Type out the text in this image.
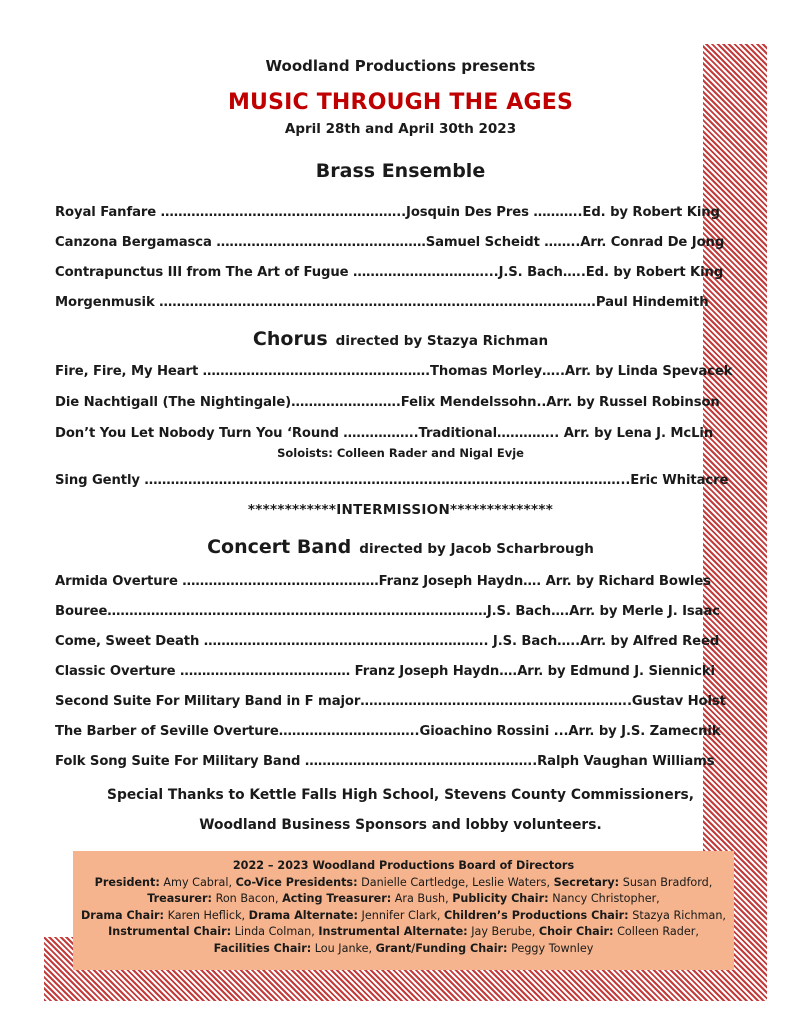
Woodland Productions presents
MUSIC THROUGH THE AGES
April 28th and April 30th 2023
Brass Ensemble
Royal Fanfare ………………………………………………..Josquin Des Pres ………..Ed. by Robert King
Canzona Bergamasca …………………………………………Samuel Scheidt ……..Arr. Conrad De Jong
Contrapunctus III from The Art of Fugue …………………………...J.S. Bach…..Ed. by Robert King
Morgenmusik ……………………………………………………………………………………….Paul Hindemith
Chorus directed by Stazya Richman
Fire, Fire, My Heart …………………………………………….Thomas Morley…..Arr. by Linda Spevacek
Die Nachtigall (The Nightingale)…………………….Felix Mendelssohn..Arr. by Russel Robinson
Don’t You Let Nobody Turn You ‘Round ……………..Traditional………….. Arr. by Lena J. McLin
Soloists: Colleen Rader and Nigal Evje
Sing Gently ………………………………………………………………………………………………...Eric Whitacre
************INTERMISSION**************
Concert Band directed by Jacob Scharbrough
Armida Overture ………………………………………Franz Joseph Haydn…. Arr. by Richard Bowles
Bouree……………………………………………………………………………J.S. Bach….Arr. by Merle J. Isaac
Come, Sweet Death ……………………………………………………….. J.S. Bach…..Arr. by Alfred Reed
Classic Overture ………………………………… Franz Joseph Haydn….Arr. by Edmund J. Siennicki
Second Suite For Military Band in F major……………………………………………………..Gustav Holst
The Barber of Seville Overture…………………………..Gioachino Rossini ...Arr. by J.S. Zamecnik
Folk Song Suite For Military Band ……………………………………………..Ralph Vaughan Williams
Special Thanks to Kettle Falls High School, Stevens County Commissioners,
Woodland Business Sponsors and lobby volunteers.
2022 – 2023 Woodland Productions Board of Directors
President: Amy Cabral, Co-Vice Presidents: Danielle Cartledge, Leslie Waters, Secretary: Susan Bradford,
Treasurer: Ron Bacon, Acting Treasurer: Ara Bush, Publicity Chair: Nancy Christopher,
Drama Chair: Karen Heflick, Drama Alternate: Jennifer Clark, Children’s Productions Chair: Stazya Richman,
Instrumental Chair: Linda Colman, Instrumental Alternate: Jay Berube, Choir Chair: Colleen Rader,
Facilities Chair: Lou Janke, Grant/Funding Chair: Peggy Townley
